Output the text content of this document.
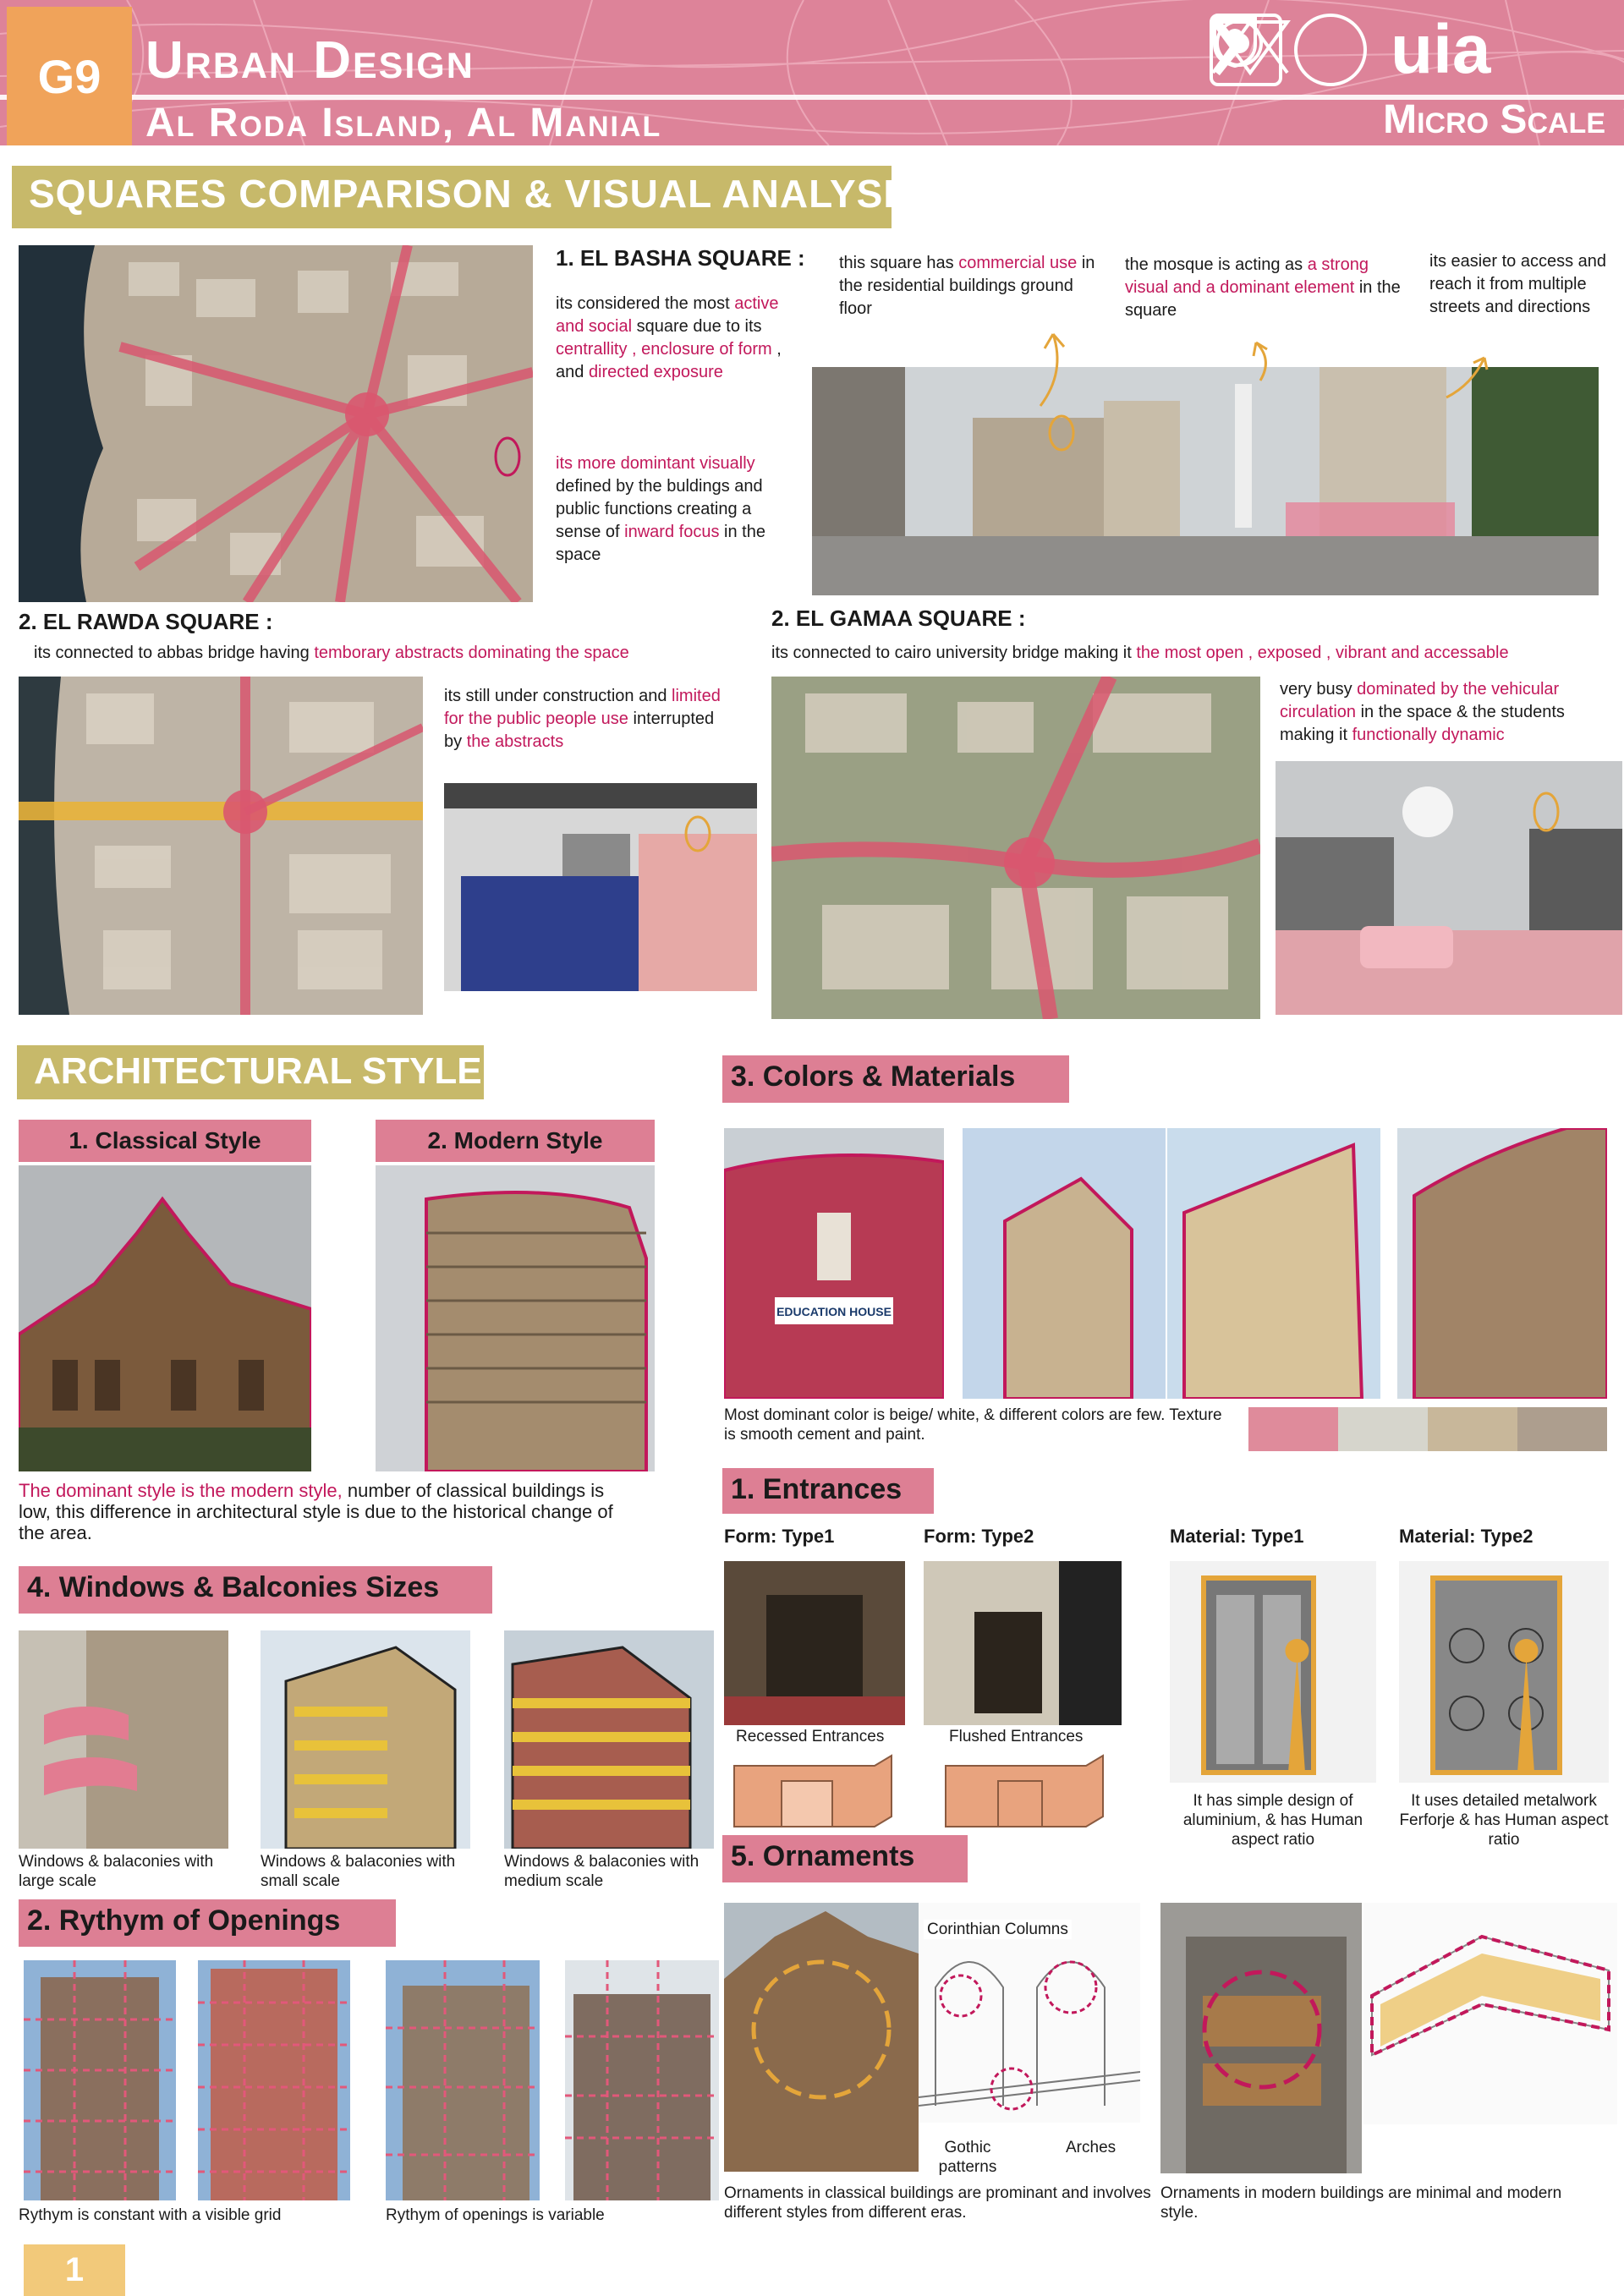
G9 Urban Design
Al Roda Island, Al Manial
uia
Micro Scale
SQUARES COMPARISON & VISUAL ANALYSIS
1. EL BASHA SQUARE :
its considered the most active and social square due to its centrallity , enclosure of form , and directed exposure
its more domintant visually defined by the buldings and public functions creating a sense of inward focus in the space
this square has commercial use in the residential buildings ground floor
the mosque is acting as a strong visual and a dominant element in the square
its easier to access and reach it from multiple streets and directions
2. EL RAWDA SQUARE :
its connected to abbas bridge having temborary abstracts dominating the space
its still under construction and limited for the public people use interrupted by the abstracts
2. EL GAMAA SQUARE :
its connected to cairo university bridge making it the most open , exposed , vibrant and accessable
very busy dominated by the vehicular circulation in the space & the students making it functionally dynamic
ARCHITECTURAL STYLE
1. Classical Style	2. Modern Style
The dominant style is the modern style, number of classical buildings is low, this difference in architectural style is due to the historical change of the area.
4. Windows & Balconies Sizes
Windows & balaconies with large scale
Windows & balaconies with small scale
Windows & balaconies with medium scale
2. Rythym of Openings
Rythym is constant with a visible grid	Rythym of openings is variable
3. Colors & Materials
EDUCATION HOUSE
Most dominant color is beige/ white, & different colors are few. Texture is smooth cement and paint.
1. Entrances
Form: Type1	Form: Type2	Material: Type1	Material: Type2
Recessed Entrances	Flushed Entrances
It has simple design of aluminium, & has Human aspect ratio
It uses detailed metalwork Ferforje & has Human aspect ratio
5. Ornaments
Corinthian Columns
Gothic patterns
Arches
Ornaments in classical buildings are prominant and involves different styles from different eras.
Ornaments in modern buildings are minimal and modern style.
1
